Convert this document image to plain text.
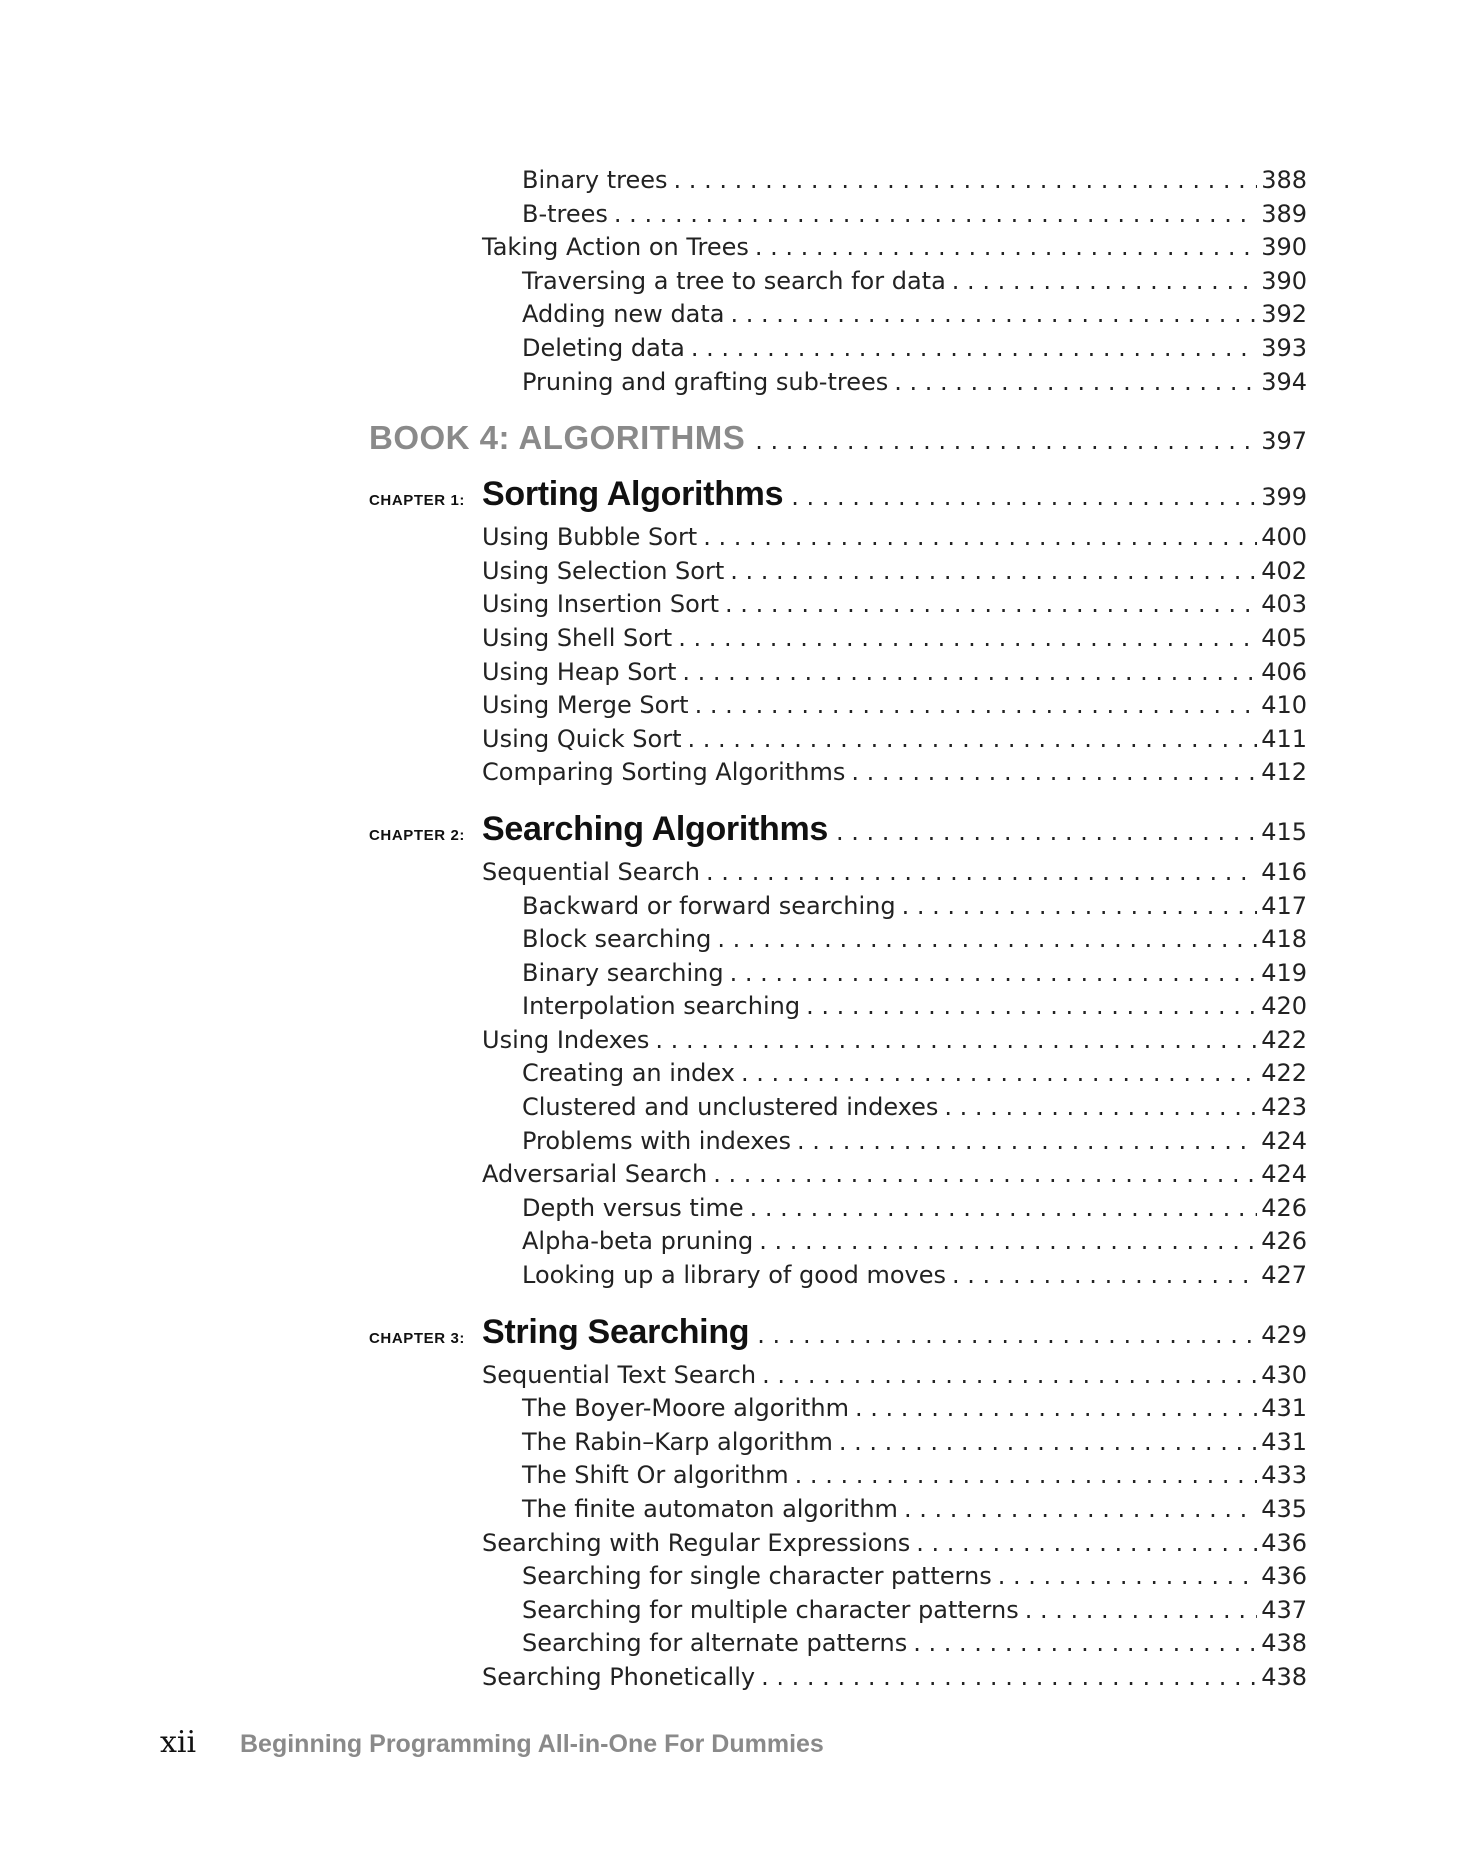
Binary trees . . .	388
B-trees . . .	389
Taking Action on Trees . . .	390
Traversing a tree to search for data . . .	390
Adding new data . . .	392
Deleting data . . .	393
Pruning and grafting sub-trees . . .	394
BOOK 4: ALGORITHMS . . .	397
CHAPTER 1: Sorting Algorithms . . .	399
Using Bubble Sort . . .	400
Using Selection Sort . . .	402
Using Insertion Sort . . .	403
Using Shell Sort . . .	405
Using Heap Sort . . .	406
Using Merge Sort . . .	410
Using Quick Sort . . .	411
Comparing Sorting Algorithms . . .	412
CHAPTER 2: Searching Algorithms . . .	415
Sequential Search . . .	416
Backward or forward searching . . .	417
Block searching . . .	418
Binary searching . . .	419
Interpolation searching . . .	420
Using Indexes . . .	422
Creating an index . . .	422
Clustered and unclustered indexes . . .	423
Problems with indexes . . .	424
Adversarial Search . . .	424
Depth versus time . . .	426
Alpha-beta pruning . . .	426
Looking up a library of good moves . . .	427
CHAPTER 3: String Searching . . .	429
Sequential Text Search . . .	430
The Boyer-Moore algorithm . . .	431
The Rabin–Karp algorithm . . .	431
The Shift Or algorithm . . .	433
The finite automaton algorithm . . .	435
Searching with Regular Expressions . . .	436
Searching for single character patterns . . .	436
Searching for multiple character patterns . . .	437
Searching for alternate patterns . . .	438
Searching Phonetically . . .	438
xii	Beginning Programming All-in-One For Dummies
